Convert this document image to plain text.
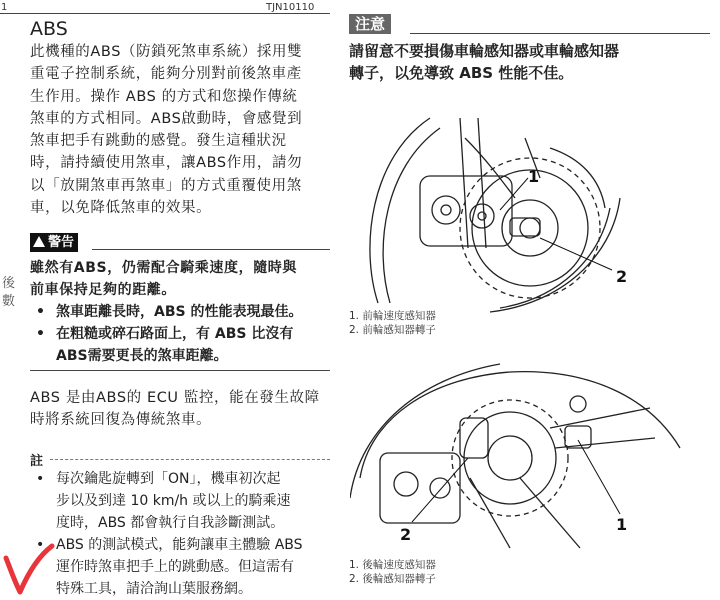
1	TJN10110
後
數
ABS
此機種的ABS（防鎖死煞車系統）採用雙
重電子控制系統，能夠分別對前後煞車產
生作用。操作 ABS 的方式和您操作傳統
煞車的方式相同。ABS啟動時，會感覺到
煞車把手有跳動的感覺。發生這種狀況
時，請持續使用煞車，讓ABS作用，請勿
以「放開煞車再煞車」的方式重覆使用煞
車，以免降低煞車的效果。
警告
雖然有ABS，仍需配合騎乘速度，隨時與
前車保持足夠的距離。
• 煞車距離長時，ABS 的性能表現最佳。
• 在粗糙或碎石路面上，有 ABS 比沒有
ABS需要更長的煞車距離。
ABS 是由ABS的 ECU 監控，能在發生故障
時將系統回復為傳統煞車。
註
• 每次鑰匙旋轉到「ON」，機車初次起
步以及到達 10 km/h 或以上的騎乘速
度時，ABS 都會執行自我診斷測試。
• ABS 的測試模式，能夠讓車主體驗 ABS
運作時煞車把手上的跳動感。但這需有
特殊工具，請洽詢山葉服務網。
注意
請留意不要損傷車輪感知器或車輪感知器
轉子，以免導致 ABS 性能不佳。
1
2
1. 前輪速度感知器
2. 前輪感知器轉子
1
2
1. 後輪速度感知器
2. 後輪感知器轉子
